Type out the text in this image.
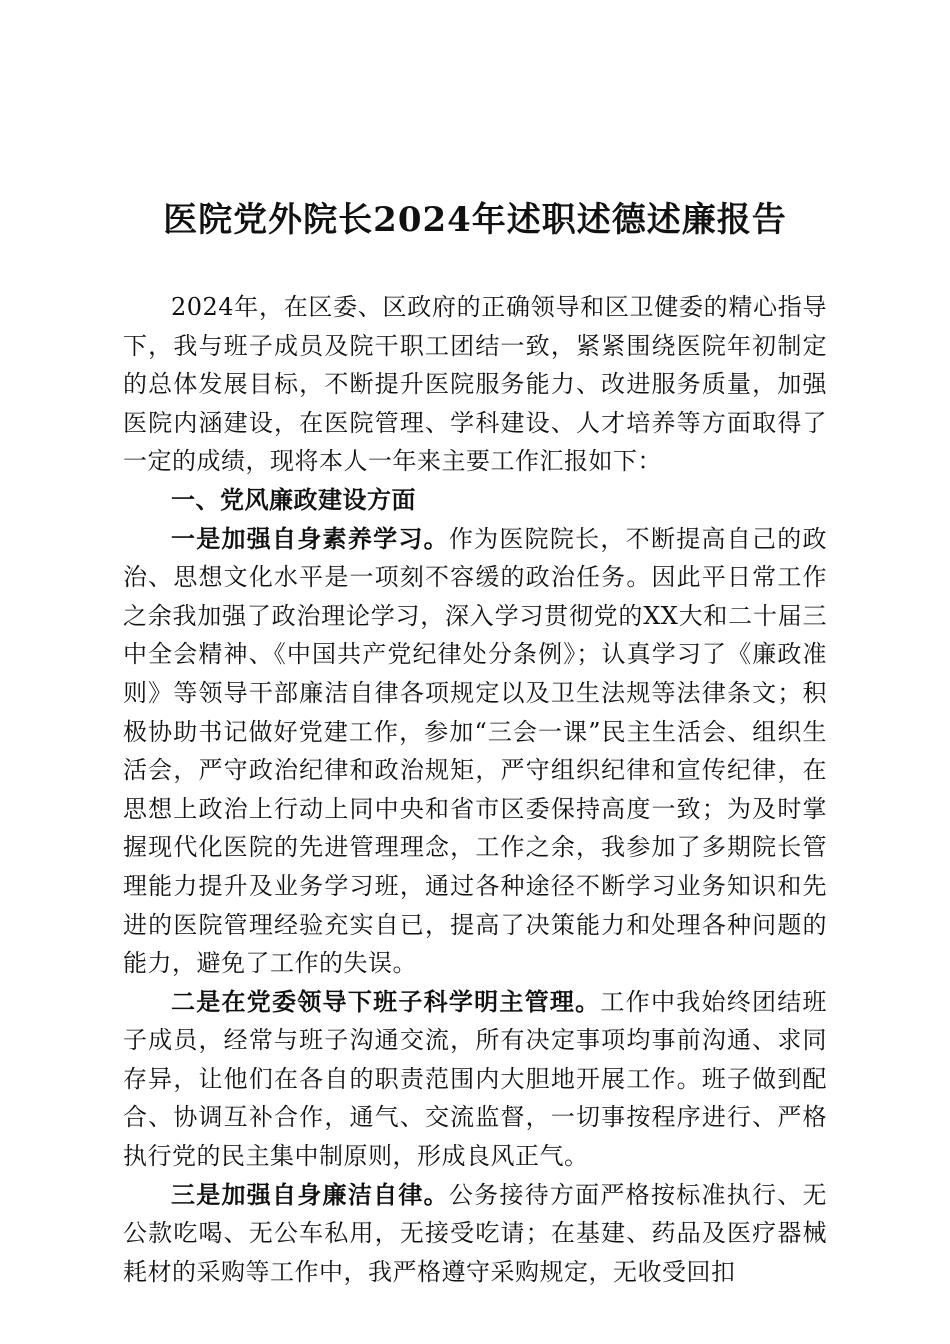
医院党外院长2024年述职述德述廉报告

2024年，在区委、区政府的正确领导和区卫健委的精心指导下，我与班子成员及院干职工团结一致，紧紧围绕医院年初制定的总体发展目标，不断提升医院服务能力、改进服务质量，加强医院内涵建设，在医院管理、学科建设、人才培养等方面取得了一定的成绩，现将本人一年来主要工作汇报如下：

一、党风廉政建设方面

一是加强自身素养学习。作为医院院长，不断提高自己的政治、思想文化水平是一项刻不容缓的政治任务。因此平日常工作之余我加强了政治理论学习，深入学习贯彻党的XX大和二十届三中全会精神、《中国共产党纪律处分条例》；认真学习了《廉政准则》等领导干部廉洁自律各项规定以及卫生法规等法律条文；积极协助书记做好党建工作，参加“三会一课”民主生活会、组织生活会，严守政治纪律和政治规矩，严守组织纪律和宣传纪律，在思想上政治上行动上同中央和省市区委保持高度一致；为及时掌握现代化医院的先进管理理念，工作之余，我参加了多期院长管理能力提升及业务学习班，通过各种途径不断学习业务知识和先进的医院管理经验充实自已，提高了决策能力和处理各种问题的能力，避免了工作的失误。

二是在党委领导下班子科学明主管理。工作中我始终团结班子成员，经常与班子沟通交流，所有决定事项均事前沟通、求同存异，让他们在各自的职责范围内大胆地开展工作。班子做到配合、协调互补合作，通气、交流监督，一切事按程序进行、严格执行党的民主集中制原则，形成良风正气。

三是加强自身廉洁自律。公务接待方面严格按标准执行、无公款吃喝、无公车私用，无接受吃请；在基建、药品及医疗器械耗材的采购等工作中，我严格遵守采购规定，无收受回扣
